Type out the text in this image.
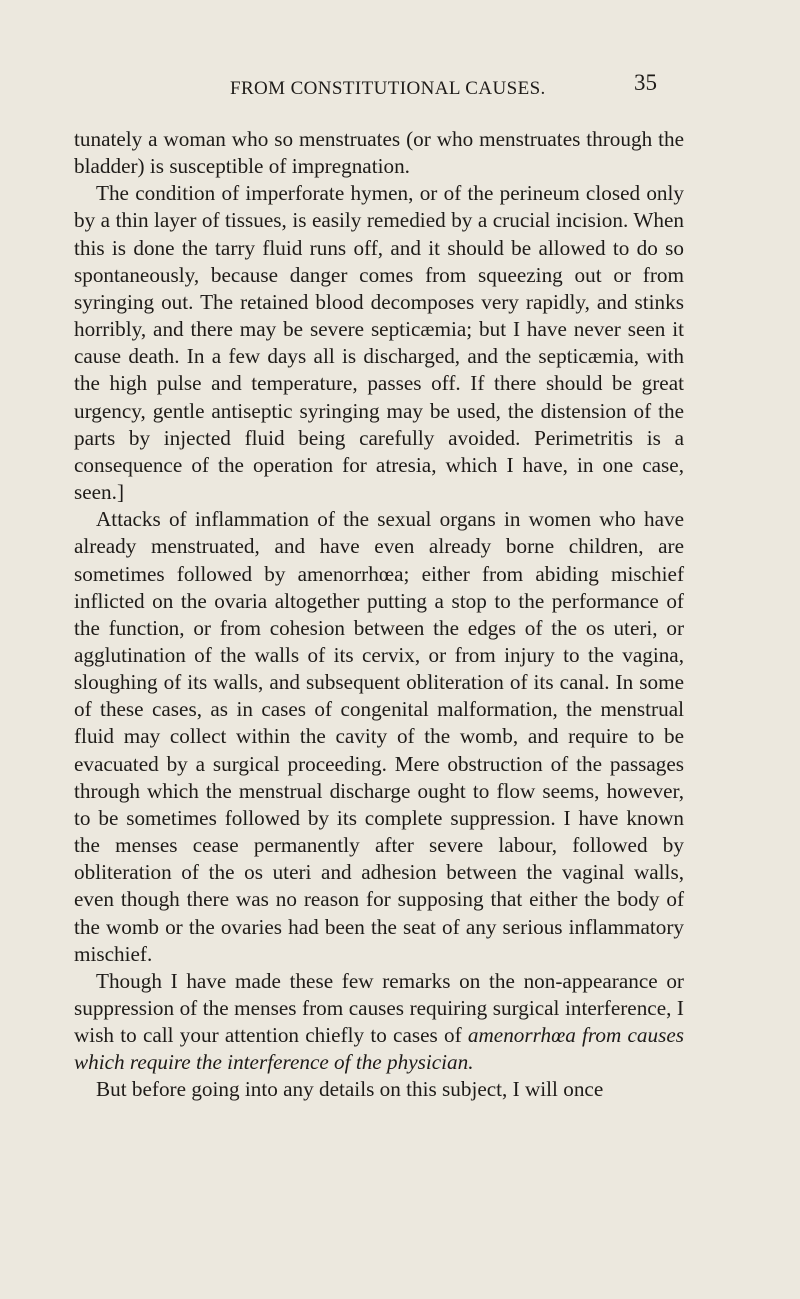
FROM CONSTITUTIONAL CAUSES.	35

tunately a woman who so menstruates (or who menstruates through the bladder) is susceptible of impregnation.

The condition of imperforate hymen, or of the perineum closed only by a thin layer of tissues, is easily remedied by a crucial incision. When this is done the tarry fluid runs off, and it should be allowed to do so spontaneously, because danger comes from squeezing out or from syringing out. The retained blood decomposes very rapidly, and stinks horribly, and there may be severe septicæmia; but I have never seen it cause death. In a few days all is discharged, and the septicæmia, with the high pulse and temperature, passes off. If there should be great urgency, gentle antiseptic syringing may be used, the distension of the parts by injected fluid being carefully avoided. Perimetritis is a consequence of the operation for atresia, which I have, in one case, seen.]

Attacks of inflammation of the sexual organs in women who have already menstruated, and have even already borne children, are sometimes followed by amenorrhœa; either from abiding mischief inflicted on the ovaria altogether putting a stop to the performance of the function, or from cohesion between the edges of the os uteri, or agglutination of the walls of its cervix, or from injury to the vagina, sloughing of its walls, and subsequent obliteration of its canal. In some of these cases, as in cases of congenital malformation, the menstrual fluid may collect within the cavity of the womb, and require to be evacuated by a surgical proceeding. Mere obstruction of the passages through which the menstrual discharge ought to flow seems, however, to be sometimes followed by its complete suppression. I have known the menses cease permanently after severe labour, followed by obliteration of the os uteri and adhesion between the vaginal walls, even though there was no reason for supposing that either the body of the womb or the ovaries had been the seat of any serious inflammatory mischief.

Though I have made these few remarks on the non-appearance or suppression of the menses from causes requiring surgical interference, I wish to call your attention chiefly to cases of amenorrhœa from causes which require the interference of the physician.

But before going into any details on this subject, I will once
